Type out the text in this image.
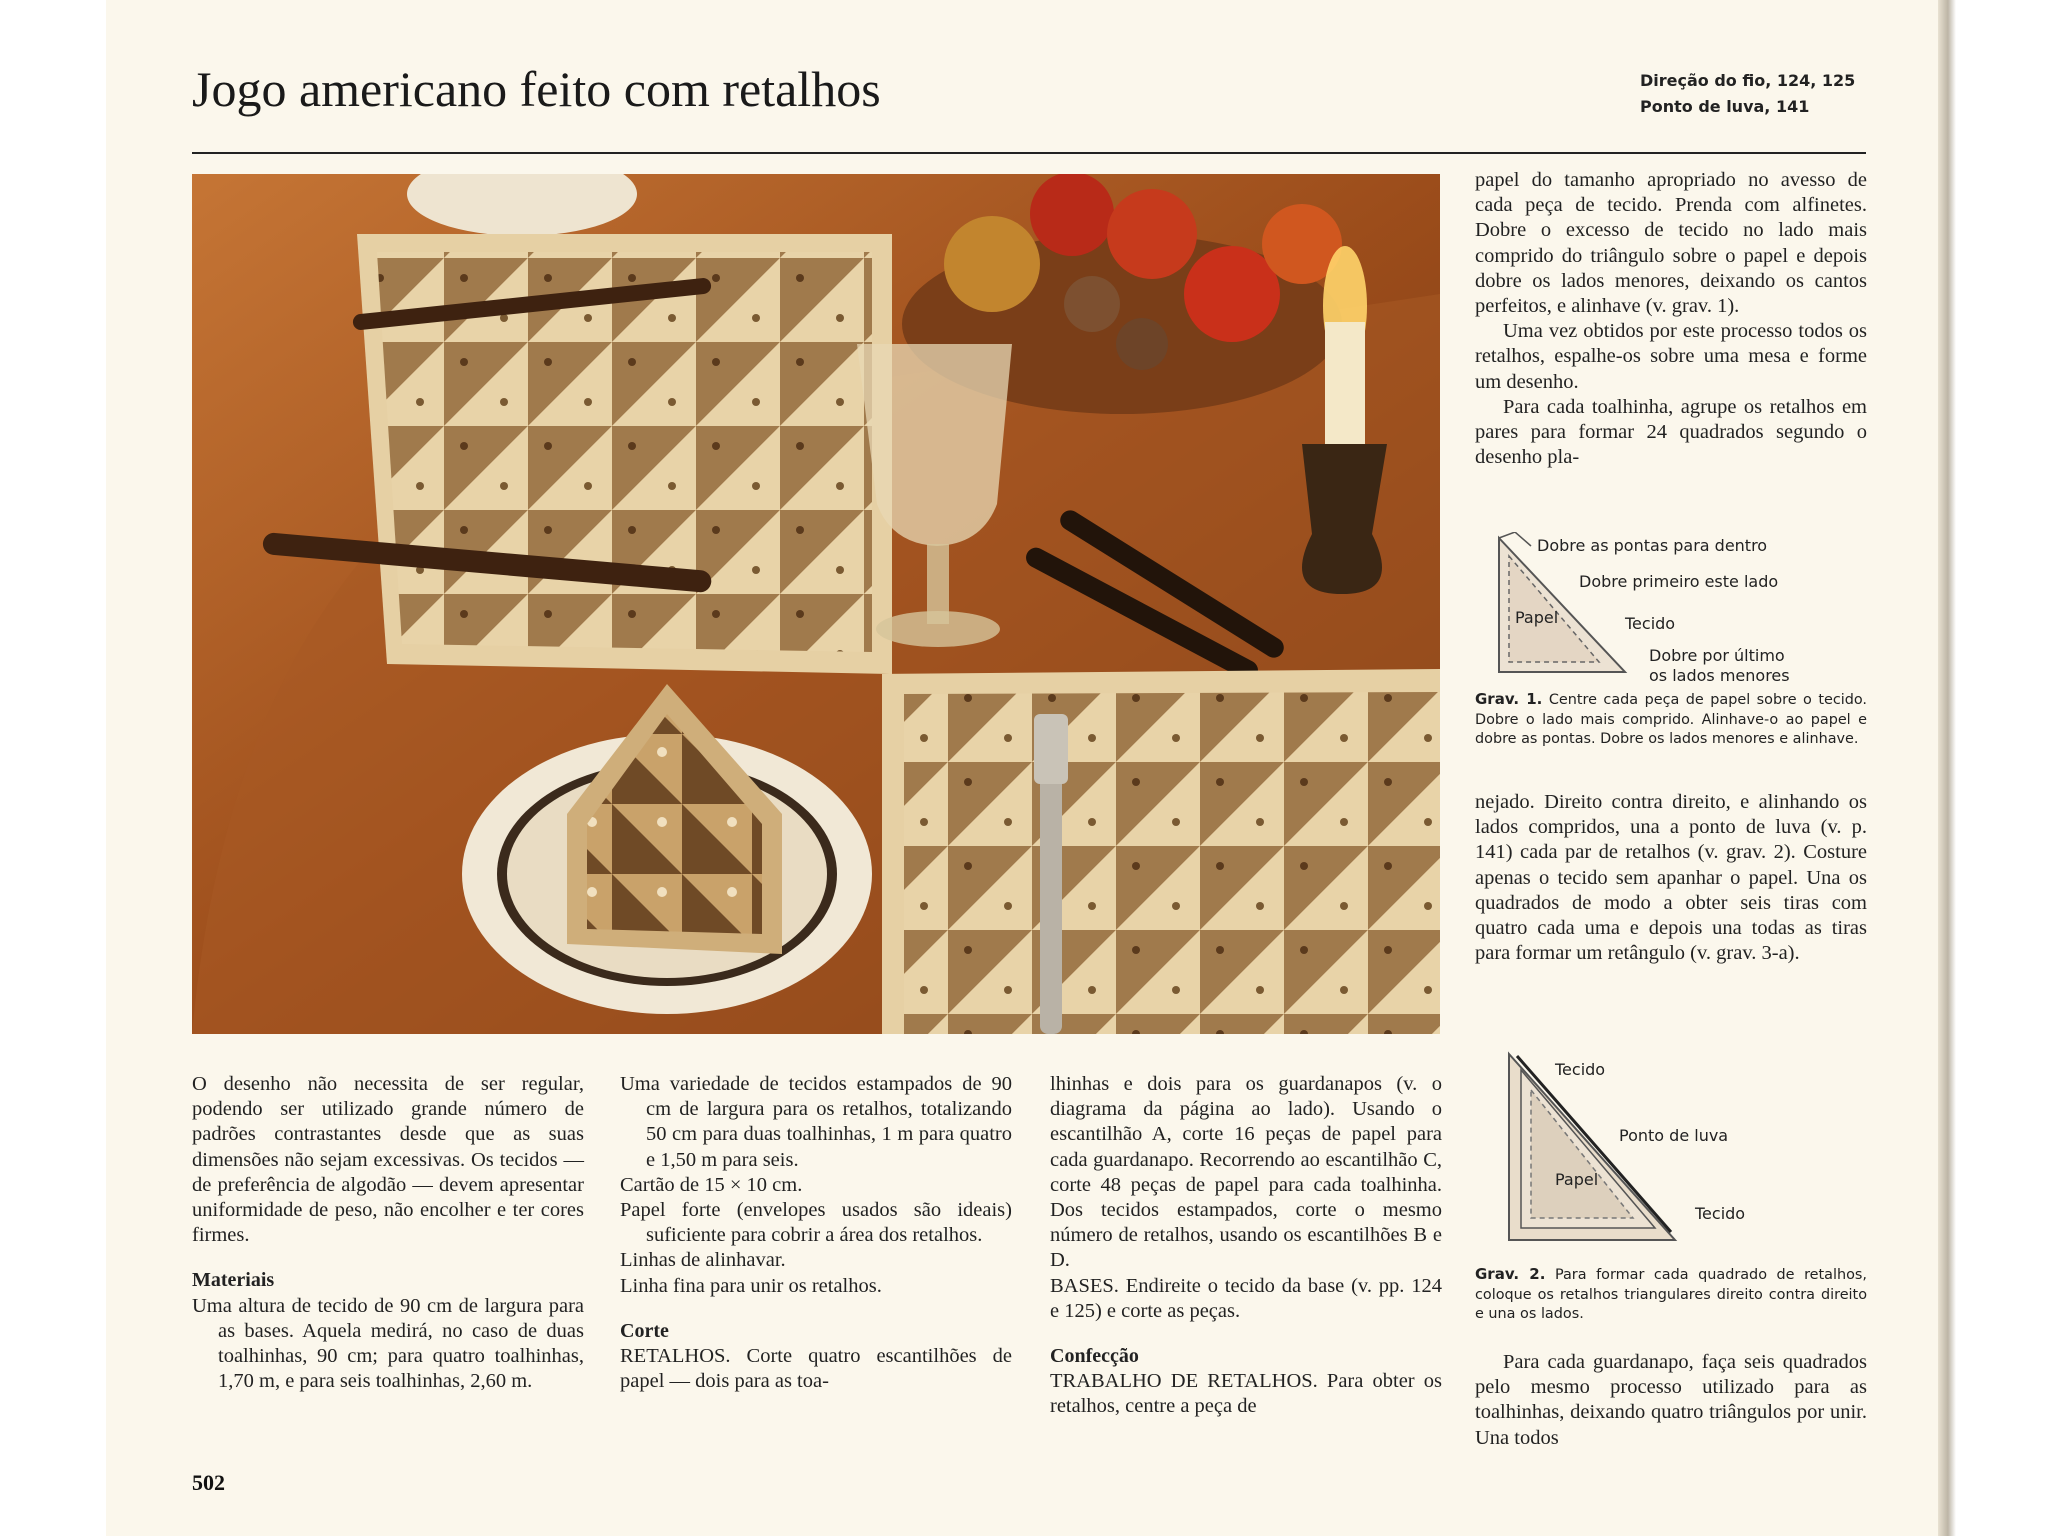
Jogo americano feito com retalhos	Direção do fio, 124, 125
Ponto de luva, 141

O desenho não necessita de ser regular, podendo ser utilizado grande número de padrões contrastantes desde que as suas dimensões não sejam excessivas. Os tecidos — de preferência de algodão — devem apresentar uniformidade de peso, não encolher e ter cores firmes.

Materiais

Uma altura de tecido de 90 cm de largura para as bases. Aquela medirá, no caso de duas toalhinhas, 90 cm; para quatro toalhinhas, 1,70 m, e para seis toalhinhas, 2,60 m.

Uma variedade de tecidos estampados de 90 cm de largura para os retalhos, totalizando 50 cm para duas toalhinhas, 1 m para quatro e 1,50 m para seis.

Cartão de 15 × 10 cm.

Papel forte (envelopes usados são ideais) suficiente para cobrir a área dos retalhos.

Linhas de alinhavar.

Linha fina para unir os retalhos.

Corte

RETALHOS. Corte quatro escantilhões de papel — dois para as toa-

lhinhas e dois para os guardanapos (v. o diagrama da página ao lado). Usando o escantilhão A, corte 16 peças de papel para cada guardanapo. Recorrendo ao escantilhão C, corte 48 peças de papel para cada toalhinha. Dos tecidos estampados, corte o mesmo número de retalhos, usando os escantilhões B e D.

BASES. Endireite o tecido da base (v. pp. 124 e 125) e corte as peças.

Confecção

TRABALHO DE RETALHOS. Para obter os retalhos, centre a peça de

papel do tamanho apropriado no avesso de cada peça de tecido. Prenda com alfinetes. Dobre o excesso de tecido no lado mais comprido do triângulo sobre o papel e depois dobre os lados menores, deixando os cantos perfeitos, e alinhave (v. grav. 1).

Uma vez obtidos por este processo todos os retalhos, espalhe-os sobre uma mesa e forme um desenho.

Para cada toalhinha, agrupe os retalhos em pares para formar 24 quadrados segundo o desenho pla-

Dobre as pontas para dentro
Dobre primeiro este lado
Papel	Tecido
Dobre por último
os lados menores
Grav. 1. Centre cada peça de papel sobre o tecido. Dobre o lado mais comprido. Alinhave-o ao papel e dobre as pontas. Dobre os lados menores e alinhave.

nejado. Direito contra direito, e alinhando os lados compridos, una a ponto de luva (v. p. 141) cada par de retalhos (v. grav. 2). Costure apenas o tecido sem apanhar o papel. Una os quadrados de modo a obter seis tiras com quatro cada uma e depois una todas as tiras para formar um retângulo (v. grav. 3-a).

Tecido
Ponto de luva
Papel
Tecido
Grav. 2. Para formar cada quadrado de retalhos, coloque os retalhos triangulares direito contra direito e una os lados.

Para cada guardanapo, faça seis quadrados pelo mesmo processo utilizado para as toalhinhas, deixando quatro triângulos por unir. Una todos

502
